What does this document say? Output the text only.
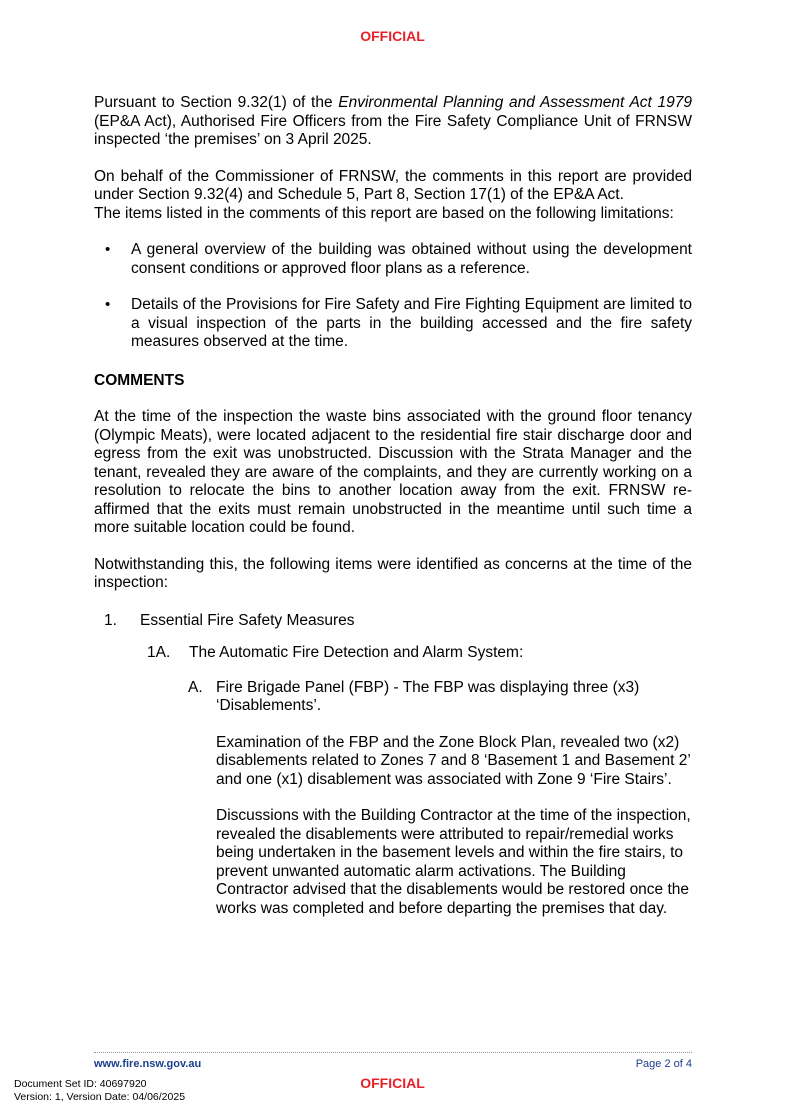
OFFICIAL

Pursuant to Section 9.32(1) of the Environmental Planning and Assessment Act 1979 (EP&A Act), Authorised Fire Officers from the Fire Safety Compliance Unit of FRNSW inspected ‘the premises’ on 3 April 2025.

On behalf of the Commissioner of FRNSW, the comments in this report are provided under Section 9.32(4) and Schedule 5, Part 8, Section 17(1) of the EP&A Act.

The items listed in the comments of this report are based on the following limitations:

• A general overview of the building was obtained without using the development consent conditions or approved floor plans as a reference.
• Details of the Provisions for Fire Safety and Fire Fighting Equipment are limited to a visual inspection of the parts in the building accessed and the fire safety measures observed at the time.

COMMENTS

At the time of the inspection the waste bins associated with the ground floor tenancy (Olympic Meats), were located adjacent to the residential fire stair discharge door and egress from the exit was unobstructed. Discussion with the Strata Manager and the tenant, revealed they are aware of the complaints, and they are currently working on a resolution to relocate the bins to another location away from the exit. FRNSW re-affirmed that the exits must remain unobstructed in the meantime until such time a more suitable location could be found.

Notwithstanding this, the following items were identified as concerns at the time of the inspection:

1. Essential Fire Safety Measures
1A. The Automatic Fire Detection and Alarm System:
A. Fire Brigade Panel (FBP) - The FBP was displaying three (x3) ‘Disablements’.

Examination of the FBP and the Zone Block Plan, revealed two (x2) disablements related to Zones 7 and 8 ‘Basement 1 and Basement 2’ and one (x1) disablement was associated with Zone 9 ‘Fire Stairs’.

Discussions with the Building Contractor at the time of the inspection, revealed the disablements were attributed to repair/remedial works being undertaken in the basement levels and within the fire stairs, to prevent unwanted automatic alarm activations. The Building Contractor advised that the disablements would be restored once the works was completed and before departing the premises that day.

www.fire.nsw.gov.au	Page 2 of 4
OFFICIAL
Document Set ID: 40697920
Version: 1, Version Date: 04/06/2025
